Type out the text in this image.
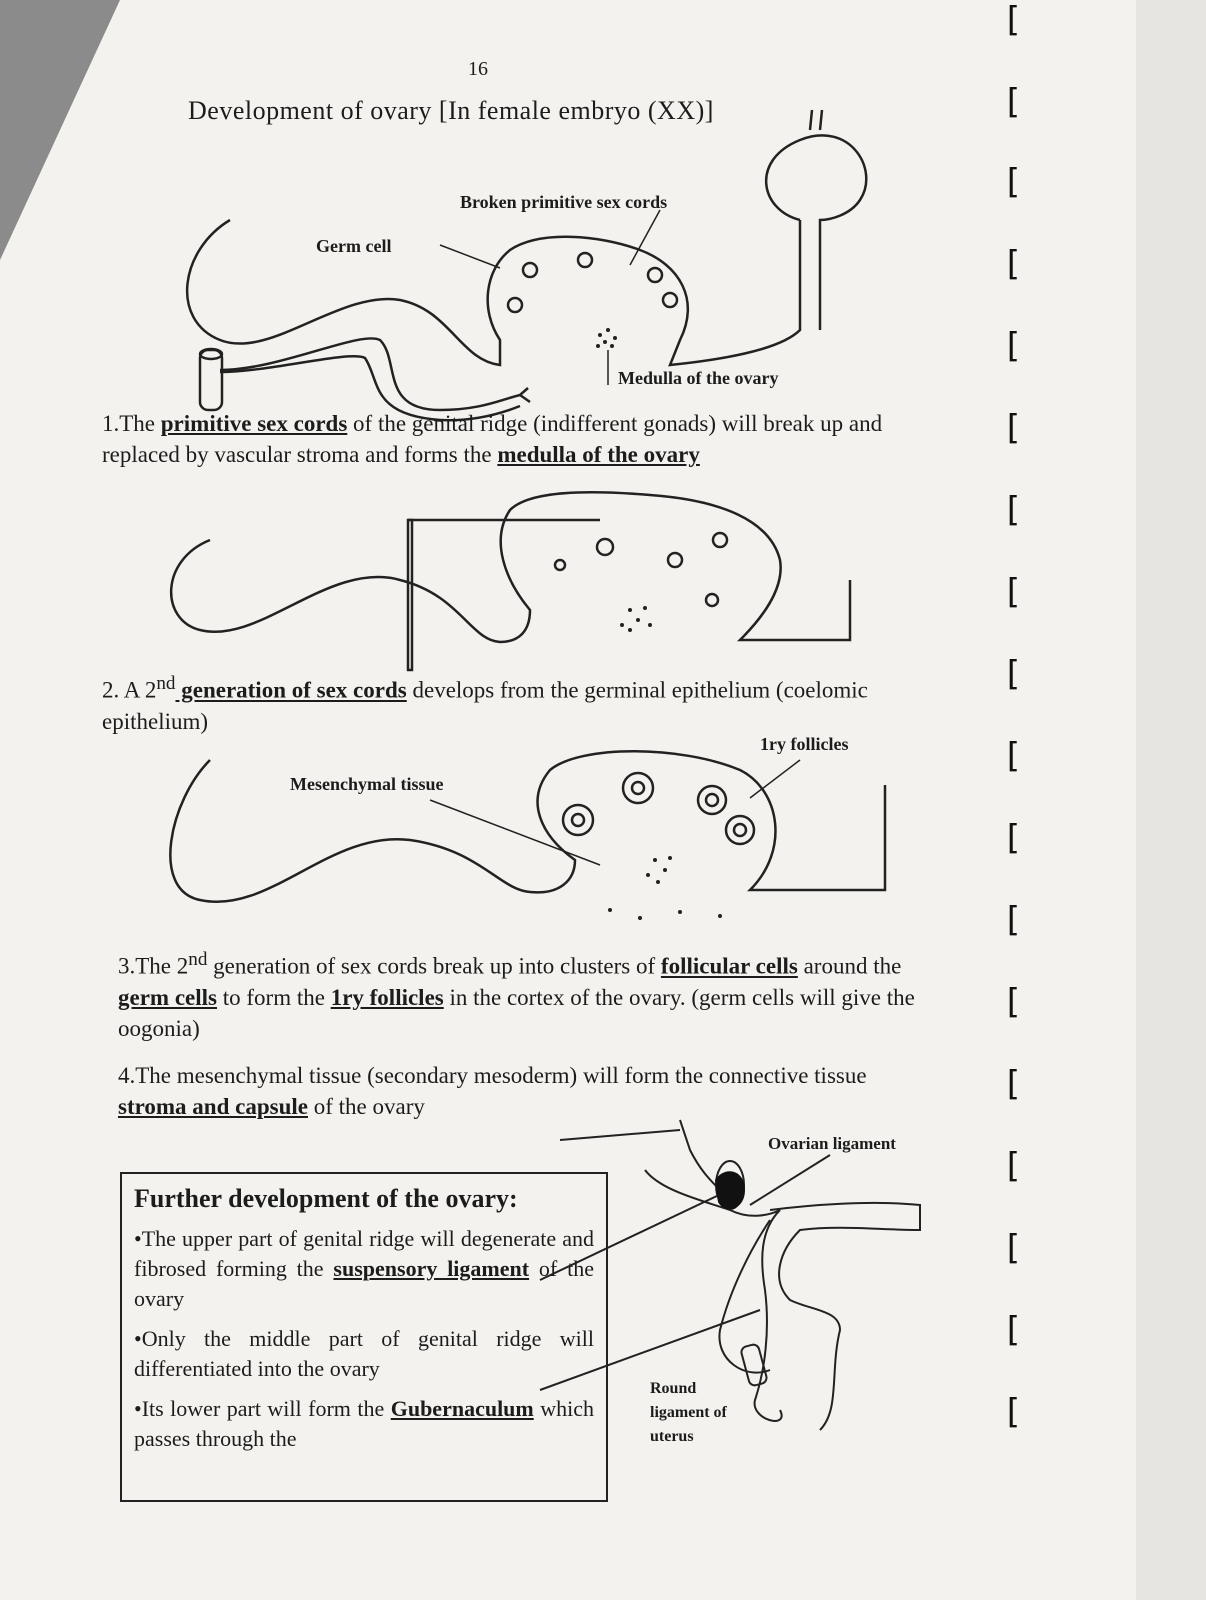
16
Development of ovary [In female embryo (XX)]
Broken primitive sex cords
Germ cell
Medulla of the ovary
1.The primitive sex cords of the genital ridge (indifferent gonads) will break up and replaced by vascular stroma and forms the medulla of the ovary
2. A 2nd generation of sex cords develops from the germinal epithelium (coelomic epithelium)
Mesenchymal tissue
1ry follicles
3.The 2nd generation of sex cords break up into clusters of follicular cells around the germ cells to form the 1ry follicles in the cortex of the ovary. (germ cells will give the oogonia)
4.The mesenchymal tissue (secondary mesoderm) will form the connective tissue stroma and capsule of the ovary
Further development of the ovary:

•The upper part of genital ridge will degenerate and fibrosed forming the suspensory ligament of the ovary

•Only the middle part of genital ridge will differentiated into the ovary

•Its lower part will form the Gubernaculum which passes through the

Ovarian ligament
Round
ligament of
uterus
[
[
[
[
[
[
[
[
[
[
[
[
[
[
[
[
[
[
